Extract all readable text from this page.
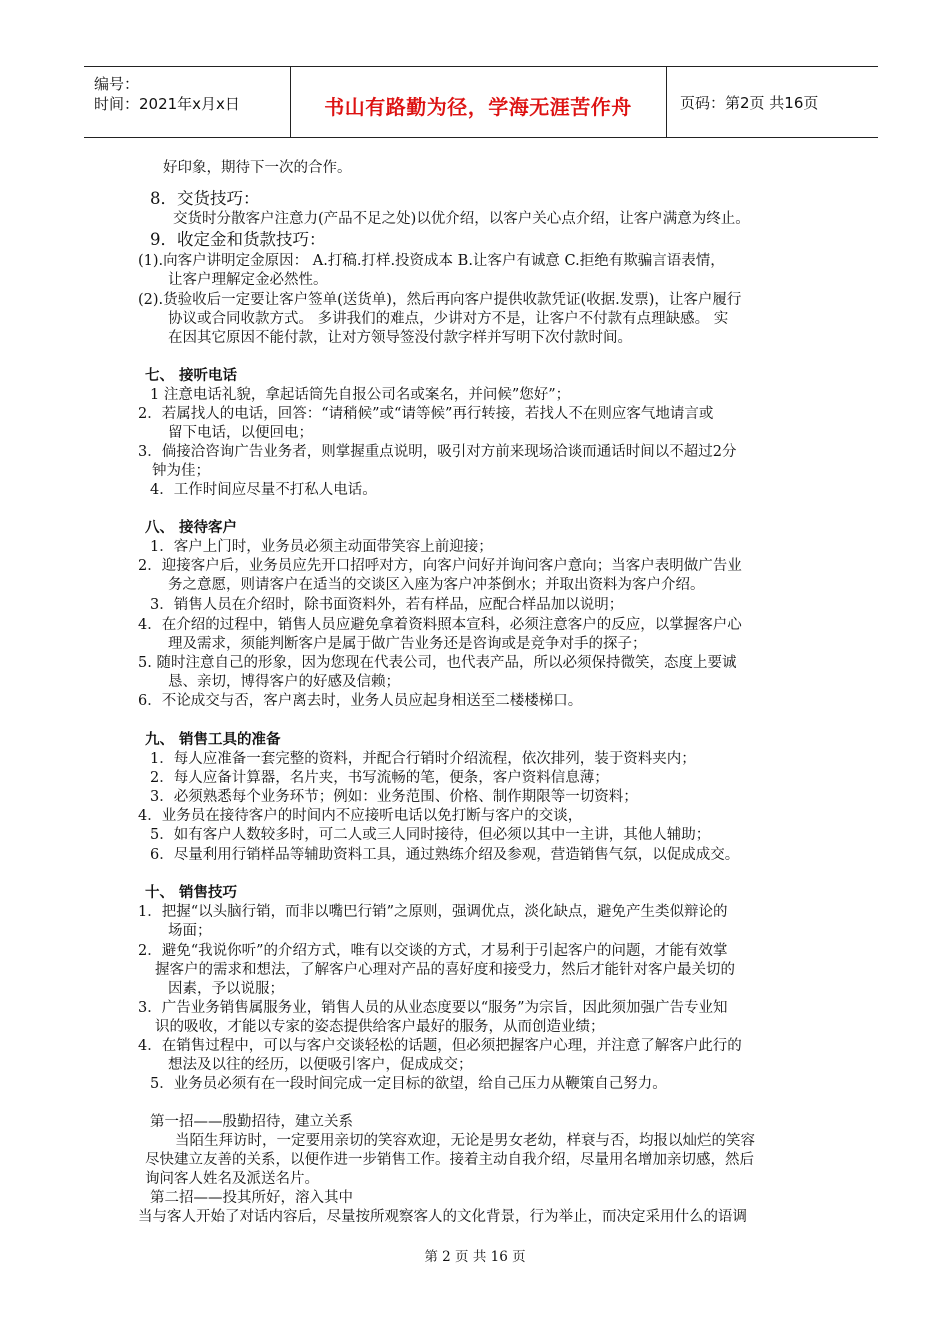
编号：
时间：2021年x月x日	书山有路勤为径，学海无涯苦作舟	页码：第2页 共16页
好印象，期待下一次的合作。
8．交货技巧：
交货时分散客户注意力(产品不足之处)以优介绍，以客户关心点介绍，让客户满意为终止。
9．收定金和货款技巧：
(1).向客户讲明定金原因： A.打稿.打样.投资成本 B.让客户有诚意 C.拒绝有欺骗言语表情，
让客户理解定金必然性。
(2).货验收后一定要让客户签单(送货单)，然后再向客户提供收款凭证(收据.发票)，让客户履行
协议或合同收款方式。 多讲我们的难点，少讲对方不是，让客户不付款有点理缺感。 实
在因其它原因不能付款，让对方领导签没付款字样并写明下次付款时间。
七、 接听电话
1 注意电话礼貌，拿起话筒先自报公司名或案名，并问候”您好”；
2．若属找人的电话，回答：“请稍候”或“请等候”再行转接，若找人不在则应客气地请言或
留下电话，以便回电；
3．倘接洽咨询广告业务者，则掌握重点说明，吸引对方前来现场洽谈而通话时间以不超过2分
钟为佳；
4．工作时间应尽量不打私人电话。
八、 接待客户
1．客户上门时，业务员必须主动面带笑容上前迎接；
2．迎接客户后，业务员应先开口招呼对方，向客户问好并询问客户意向；当客户表明做广告业
务之意愿，则请客户在适当的交谈区入座为客户冲茶倒水；并取出资料为客户介绍。
3．销售人员在介绍时，除书面资料外，若有样品，应配合样品加以说明；
4．在介绍的过程中，销售人员应避免拿着资料照本宣科，必须注意客户的反应，以掌握客户心
理及需求，须能判断客户是属于做广告业务还是咨询或是竞争对手的探子；
5. 随时注意自己的形象，因为您现在代表公司，也代表产品，所以必须保持微笑，态度上要诚
恳、亲切，博得客户的好感及信赖；
6．不论成交与否，客户离去时，业务人员应起身相送至二楼楼梯口。
九、 销售工具的准备
1．每人应准备一套完整的资料，并配合行销时介绍流程，依次排列，装于资料夹内；
2．每人应备计算器，名片夹，书写流畅的笔，便条，客户资料信息薄；
3．必须熟悉每个业务环节；例如：业务范围、价格、制作期限等一切资料；
4．业务员在接待客户的时间内不应接听电话以免打断与客户的交谈，
5．如有客户人数较多时，可二人或三人同时接待，但必须以其中一主讲，其他人辅助；
6．尽量利用行销样品等辅助资料工具，通过熟练介绍及参观，营造销售气氛，以促成成交。
十、 销售技巧
1．把握“以头脑行销，而非以嘴巴行销”之原则，强调优点，淡化缺点，避免产生类似辩论的
场面；
2．避免“我说你听”的介绍方式，唯有以交谈的方式，才易利于引起客户的问题，才能有效掌
握客户的需求和想法，了解客户心理对产品的喜好度和接受力，然后才能针对客户最关切的
因素，予以说服；
3．广告业务销售属服务业，销售人员的从业态度要以“服务”为宗旨，因此须加强广告专业知
识的吸收，才能以专家的姿态提供给客户最好的服务，从而创造业绩；
4．在销售过程中，可以与客户交谈轻松的话题，但必须把握客户心理，并注意了解客户此行的
想法及以往的经历，以便吸引客户，促成成交；
5．业务员必须有在一段时间完成一定目标的欲望，给自己压力从鞭策自己努力。
第一招——殷勤招待，建立关系
当陌生拜访时，一定要用亲切的笑容欢迎，无论是男女老幼，样衰与否，均报以灿烂的笑容
尽快建立友善的关系，以便作进一步销售工作。接着主动自我介绍，尽量用名增加亲切感，然后
询问客人姓名及派送名片。
第二招——投其所好，溶入其中
当与客人开始了对话内容后，尽量按所观察客人的文化背景，行为举止，而决定采用什么的语调
第 2 页 共 16 页
